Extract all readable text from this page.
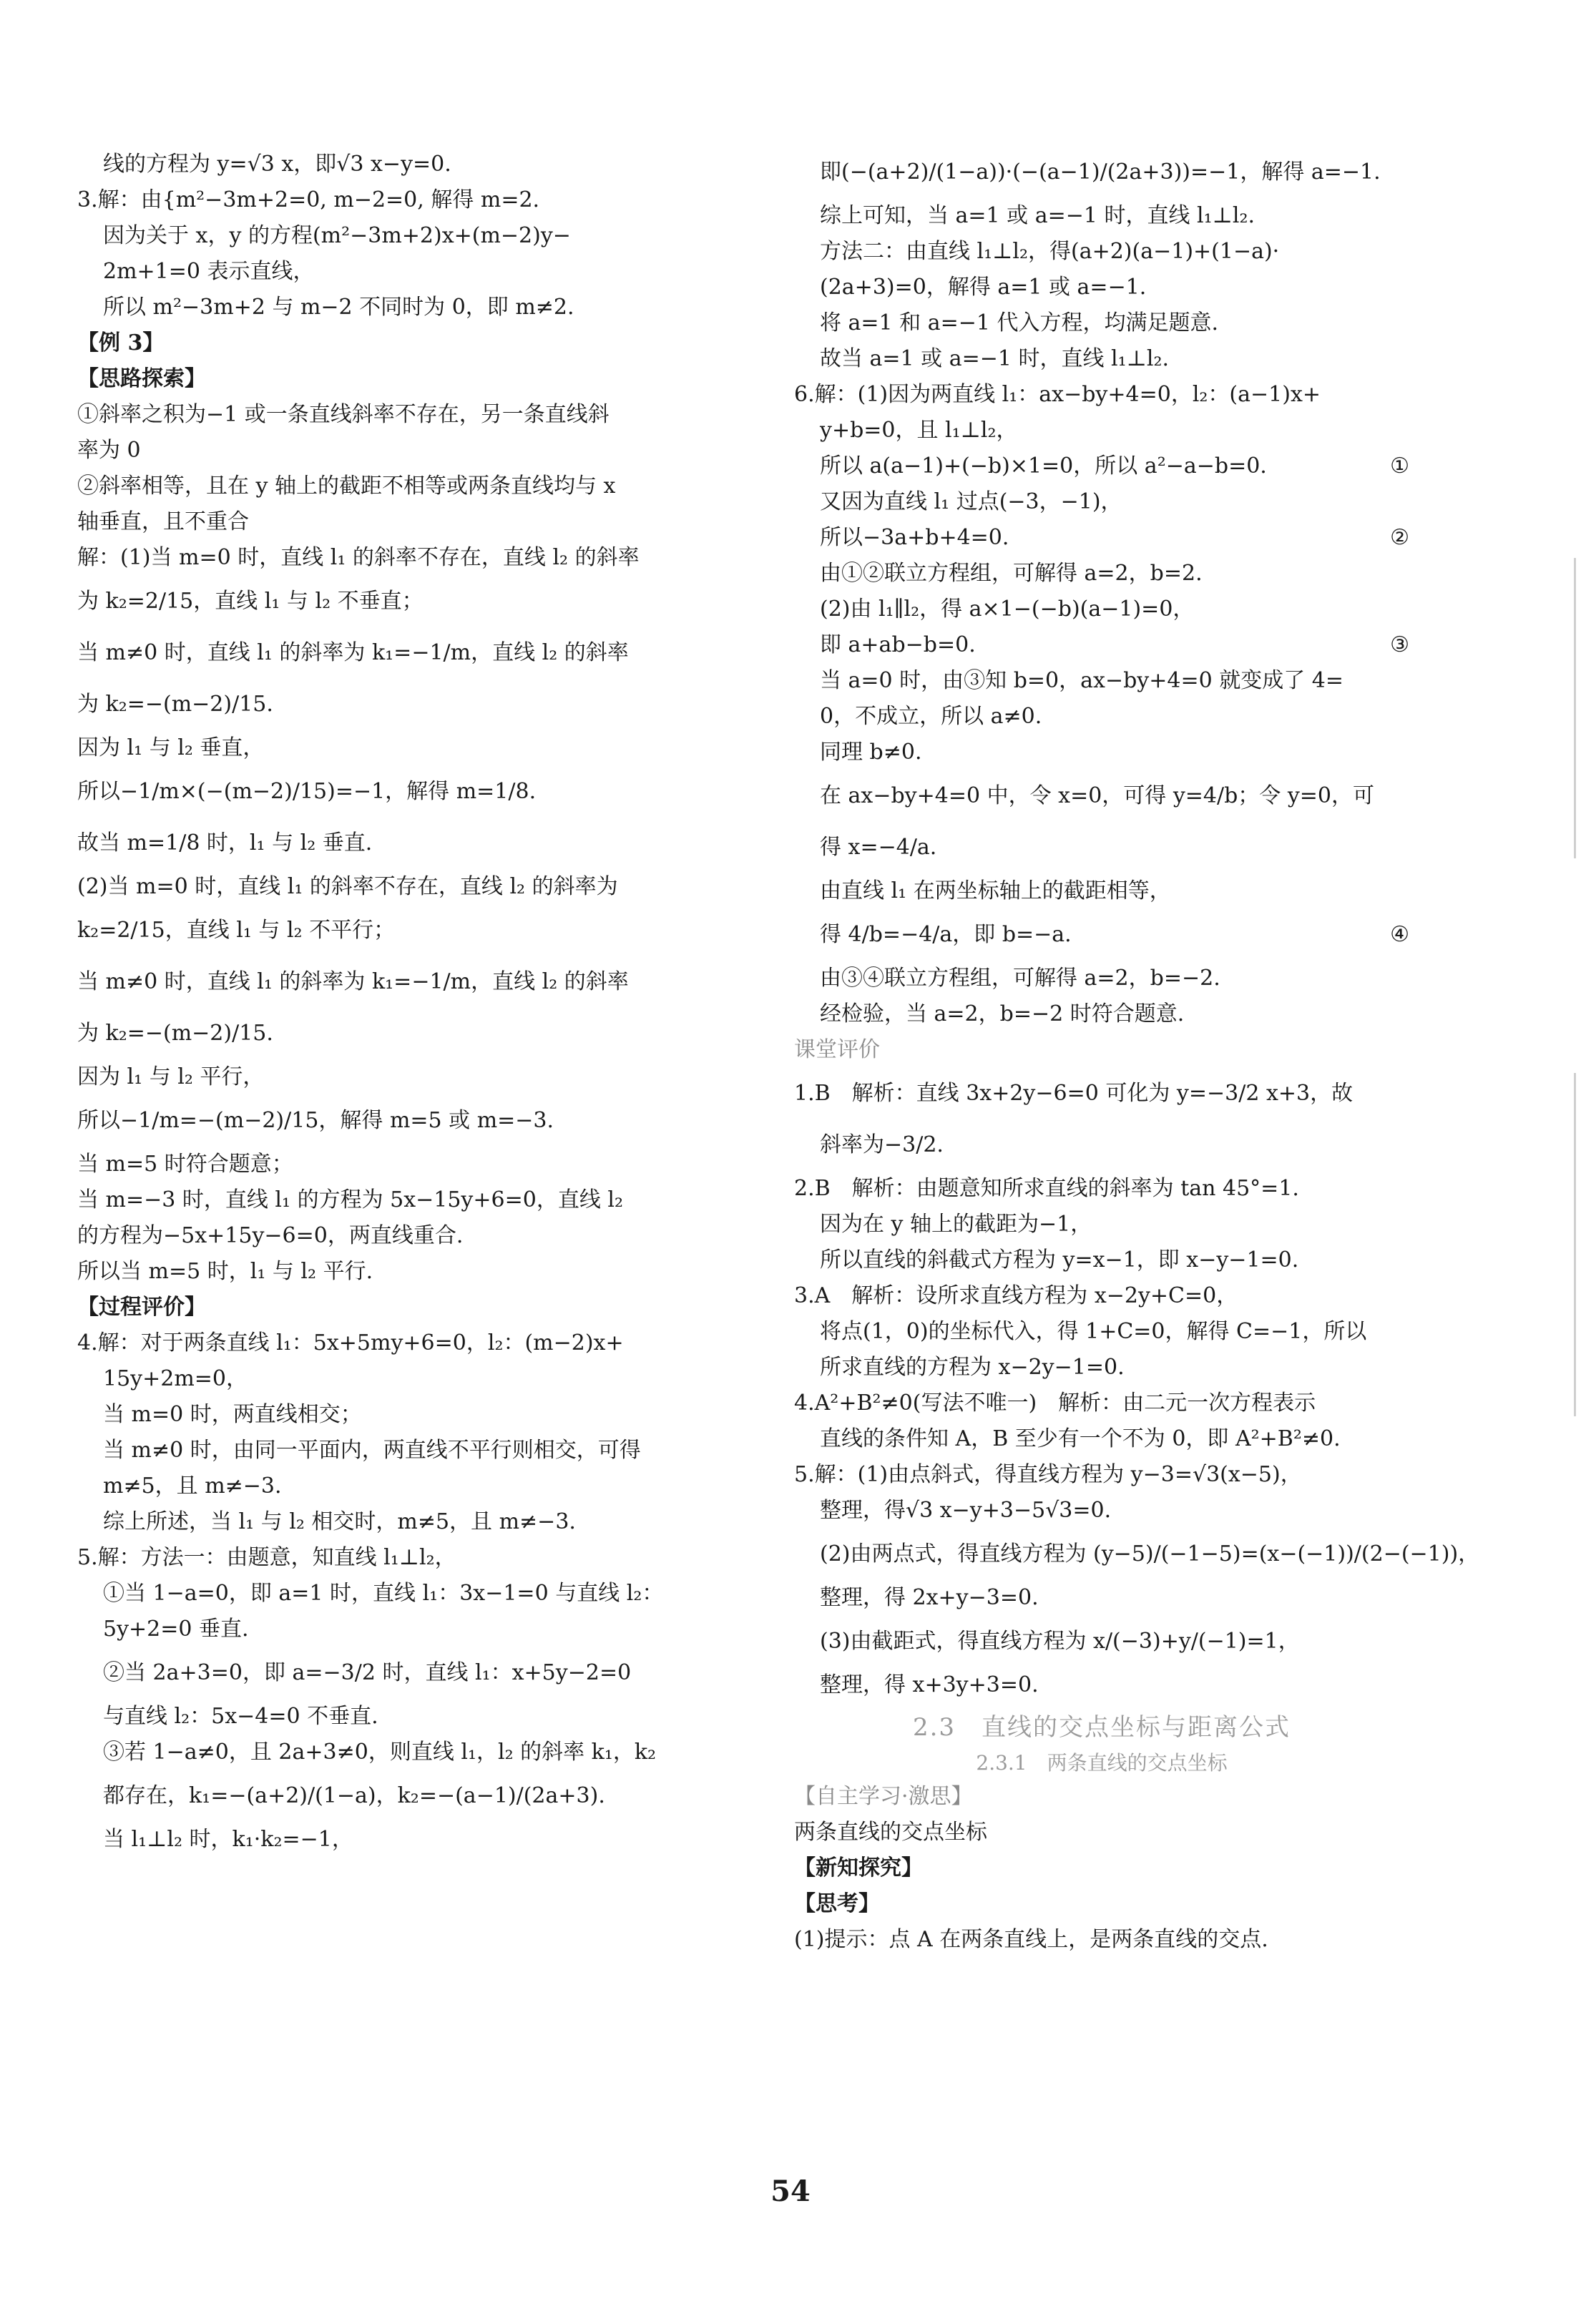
线的方程为 y=√3 x，即√3 x−y=0.

3.解：由{m²−3m+2=0, m−2=0, 解得 m=2.

因为关于 x，y 的方程(m²−3m+2)x+(m−2)y−

2m+1=0 表示直线，

所以 m²−3m+2 与 m−2 不同时为 0，即 m≠2.

【例 3】

【思路探索】

①斜率之积为−1 或一条直线斜率不存在，另一条直线斜

率为 0

②斜率相等，且在 y 轴上的截距不相等或两条直线均与 x

轴垂直，且不重合

解：(1)当 m=0 时，直线 l₁ 的斜率不存在，直线 l₂ 的斜率

为 k₂=2/15，直线 l₁ 与 l₂ 不垂直；

当 m≠0 时，直线 l₁ 的斜率为 k₁=−1/m，直线 l₂ 的斜率

为 k₂=−(m−2)/15.

因为 l₁ 与 l₂ 垂直，

所以−1/m×(−(m−2)/15)=−1，解得 m=1/8.

故当 m=1/8 时，l₁ 与 l₂ 垂直.

(2)当 m=0 时，直线 l₁ 的斜率不存在，直线 l₂ 的斜率为

k₂=2/15，直线 l₁ 与 l₂ 不平行；

当 m≠0 时，直线 l₁ 的斜率为 k₁=−1/m，直线 l₂ 的斜率

为 k₂=−(m−2)/15.

因为 l₁ 与 l₂ 平行，

所以−1/m=−(m−2)/15，解得 m=5 或 m=−3.

当 m=5 时符合题意；

当 m=−3 时，直线 l₁ 的方程为 5x−15y+6=0，直线 l₂

的方程为−5x+15y−6=0，两直线重合.

所以当 m=5 时，l₁ 与 l₂ 平行.

【过程评价】

4.解：对于两条直线 l₁：5x+5my+6=0，l₂：(m−2)x+

15y+2m=0，

当 m=0 时，两直线相交；

当 m≠0 时，由同一平面内，两直线不平行则相交，可得

m≠5，且 m≠−3.

综上所述，当 l₁ 与 l₂ 相交时，m≠5，且 m≠−3.

5.解：方法一：由题意，知直线 l₁⊥l₂，

①当 1−a=0，即 a=1 时，直线 l₁：3x−1=0 与直线 l₂：

5y+2=0 垂直.

②当 2a+3=0，即 a=−3/2 时，直线 l₁：x+5y−2=0

与直线 l₂：5x−4=0 不垂直.

③若 1−a≠0，且 2a+3≠0，则直线 l₁，l₂ 的斜率 k₁，k₂

都存在，k₁=−(a+2)/(1−a)，k₂=−(a−1)/(2a+3).

当 l₁⊥l₂ 时，k₁·k₂=−1，

即(−(a+2)/(1−a))·(−(a−1)/(2a+3))=−1，解得 a=−1.

综上可知，当 a=1 或 a=−1 时，直线 l₁⊥l₂.

方法二：由直线 l₁⊥l₂，得(a+2)(a−1)+(1−a)·

(2a+3)=0，解得 a=1 或 a=−1.

将 a=1 和 a=−1 代入方程，均满足题意.

故当 a=1 或 a=−1 时，直线 l₁⊥l₂.

6.解：(1)因为两直线 l₁：ax−by+4=0，l₂：(a−1)x+

y+b=0，且 l₁⊥l₂，

所以 a(a−1)+(−b)×1=0，所以 a²−a−b=0.	①

又因为直线 l₁ 过点(−3，−1)，

所以−3a+b+4=0.	②

由①②联立方程组，可解得 a=2，b=2.

(2)由 l₁∥l₂，得 a×1−(−b)(a−1)=0，

即 a+ab−b=0.	③

当 a=0 时，由③知 b=0，ax−by+4=0 就变成了 4=

0，不成立，所以 a≠0.

同理 b≠0.

在 ax−by+4=0 中，令 x=0，可得 y=4/b；令 y=0，可

得 x=−4/a.

由直线 l₁ 在两坐标轴上的截距相等，

得 4/b=−4/a，即 b=−a.	④

由③④联立方程组，可解得 a=2，b=−2.

经检验，当 a=2，b=−2 时符合题意.

课堂评价

1.B　解析：直线 3x+2y−6=0 可化为 y=−3/2 x+3，故

斜率为−3/2.

2.B　解析：由题意知所求直线的斜率为 tan 45°=1.

因为在 y 轴上的截距为−1，

所以直线的斜截式方程为 y=x−1，即 x−y−1=0.

3.A　解析：设所求直线方程为 x−2y+C=0，

将点(1，0)的坐标代入，得 1+C=0，解得 C=−1，所以

所求直线的方程为 x−2y−1=0.

4.A²+B²≠0(写法不唯一)　解析：由二元一次方程表示

直线的条件知 A，B 至少有一个不为 0，即 A²+B²≠0.

5.解：(1)由点斜式，得直线方程为 y−3=√3(x−5)，

整理，得√3 x−y+3−5√3=0.

(2)由两点式，得直线方程为 (y−5)/(−1−5)=(x−(−1))/(2−(−1))，

整理，得 2x+y−3=0.

(3)由截距式，得直线方程为 x/(−3)+y/(−1)=1，

整理，得 x+3y+3=0.

2.3　直线的交点坐标与距离公式
2.3.1　两条直线的交点坐标

【自主学习·激思】

两条直线的交点坐标

【新知探究】

【思考】

(1)提示：点 A 在两条直线上，是两条直线的交点.

54
